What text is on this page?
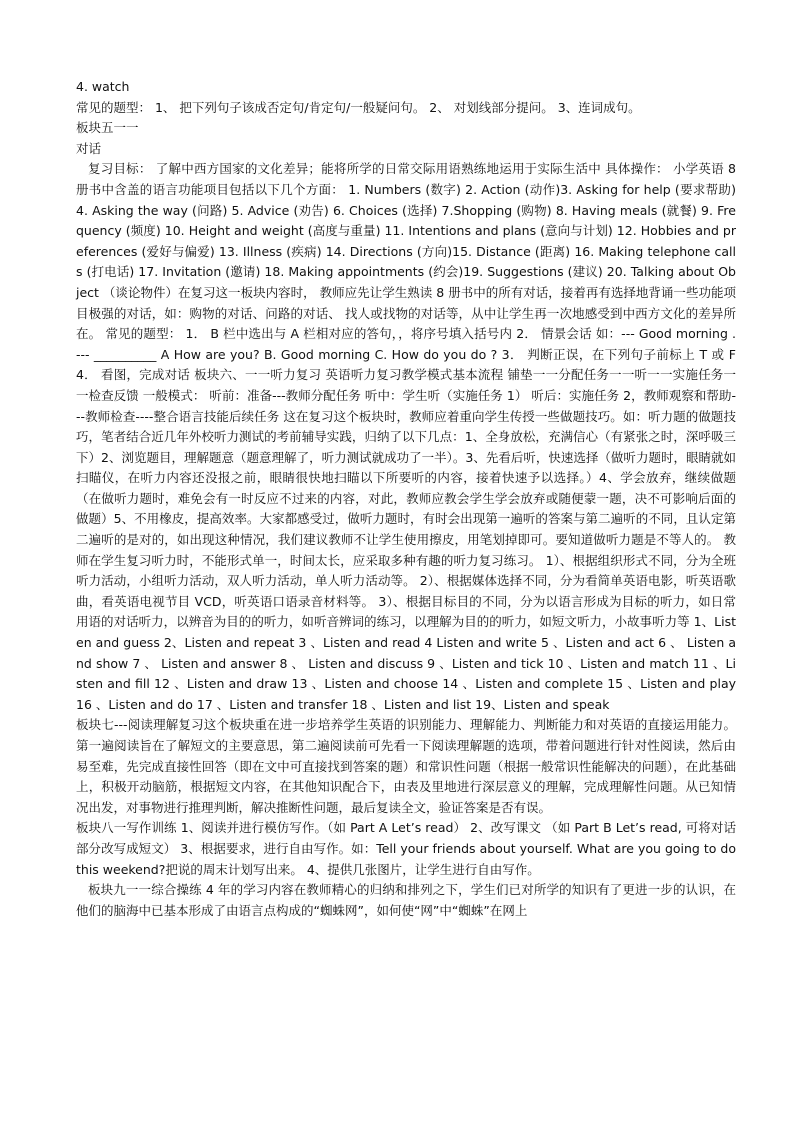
4. watch

常见的题型： 1、 把下列句子该成否定句/肯定句/一般疑问句。 2、 对划线部分提问。 3、连词成句。

板块五一一

对话

复习目标： 了解中西方国家的文化差异；能将所学的日常交际用语熟练地运用于实际生活中 具体操作： 小学英语 8 册书中含盖的语言功能项目包括以下几个方面： 1. Numbers (数字) 2. Action (动作)3. Asking for help (要求帮助) 4. Asking the way (问路) 5. Advice (劝告) 6. Choices (选择) 7.Shopping (购物) 8. Having meals (就餐) 9. Frequency (频度) 10. Height and weight (高度与重量) 11. Intentions and plans (意向与计划) 12. Hobbies and preferences (爱好与偏爱) 13. Illness (疾病) 14. Directions (方向)15. Distance (距离) 16. Making telephone calls (打电话) 17. Invitation (邀请) 18. Making appointments (约会)19. Suggestions (建议) 20. Talking about Object （谈论物件）在复习这一板块内容时， 教师应先让学生熟读 8 册书中的所有对话，接着再有选择地背诵一些功能项目极强的对话，如：购物的对话、问路的对话、 找人或找物的对话等，从中让学生再一次地感受到中西方文化的差异所在。 常见的题型： 1． B 栏中选出与 A 栏相对应的答句，，将序号填入括号内 2． 情景会话 如：--- Good morning . --- __________ A How are you? B. Good morning C. How do you do ? 3． 判断正误，在下列句子前标上 T 或 F 4． 看图，完成对话 板块六、一一听力复习 英语听力复习教学模式基本流程 铺垫一一分配任务一一听一一实施任务一一检查反馈 一般模式： 听前：准备---教师分配任务 听中：学生听（实施任务 1） 听后：实施任务 2，教师观察和帮助---教师检查----整合语言技能后续任务 这在复习这个板块时，教师应着重向学生传授一些做题技巧。如：听力题的做题技巧，笔者结合近几年外校听力测试的考前辅导实践，归纳了以下几点：1、全身放松，充满信心（有紧张之时，深呼吸三下）2、浏览题目，理解题意（题意理解了，听力测试就成功了一半）。3、先看后听，快速选择（做听力题时，眼睛就如扫瞄仪，在听力内容还没报之前，眼睛很快地扫瞄以下所要听的内容，接着快速予以选择。）4、学会放弃，继续做题（在做听力题时，难免会有一时反应不过来的内容，对此，教师应教会学生学会放弃或随便蒙一题，决不可影响后面的做题）5、不用橡皮，提高效率。大家都感受过，做听力题时，有时会出现第一遍听的答案与第二遍听的不同，且认定第二遍听的是对的，如出现这种情况，我们建议教师不让学生使用擦皮，用笔划掉即可。要知道做听力题是不等人的。 教师在学生复习听力时，不能形式单一，时间太长，应采取多种有趣的听力复习练习。 1）、根据组织形式不同，分为全班听力活动，小组听力活动，双人听力活动，单人听力活动等。 2）、根据媒体选择不同，分为看简单英语电影，听英语歌曲，看英语电视节目 VCD，听英语口语录音材料等。 3）、根据目标目的不同，分为以语言形成为目标的听力，如日常用语的对话听力，以辨音为目的的听力，如听音辨词的练习，以理解为目的的听力，如短文听力，小故事听力等 1、Listen and guess 2、Listen and repeat 3 、Listen and read 4 Listen and write 5 、Listen and act 6 、 Listen and show 7 、 Listen and answer 8 、 Listen and discuss 9 、Listen and tick 10 、Listen and match 11 、Listen and fill 12 、Listen and draw 13 、Listen and choose 14 、Listen and complete 15 、Listen and play 16 、Listen and do 17 、Listen and transfer 18 、Listen and list 19、Listen and speak

板块七---阅读理解复习这个板块重在进一步培养学生英语的识别能力、理解能力、判断能力和对英语的直接运用能力。第一遍阅读旨在了解短文的主要意思，第二遍阅读前可先看一下阅读理解题的选项，带着问题进行针对性阅读，然后由易至难，先完成直接性回答（即在文中可直接找到答案的题）和常识性问题（根据一般常识性能解决的问题），在此基础上，积极开动脑筋，根据短文内容，在其他知识配合下，由表及里地进行深层意义的理解，完成理解性问题。从已知情况出发，对事物进行推理判断，解决推断性问题，最后复读全文，验证答案是否有误。

板块八一写作训练 1、阅读并进行模仿写作。（如 Part A Let’s read） 2、改写课文 （如 Part B Let’s read, 可将对话部分改写成短文） 3、根据要求，进行自由写作。如：Tell your friends about yourself. What are you going to do this weekend?把说的周末计划写出来。 4、提供几张图片，让学生进行自由写作。

板块九一一综合操练 4 年的学习内容在教师精心的归纳和排列之下，学生们已对所学的知识有了更进一步的认识，在他们的脑海中已基本形成了由语言点构成的“蜘蛛网”，如何使“网”中“蜘蛛”在网上
